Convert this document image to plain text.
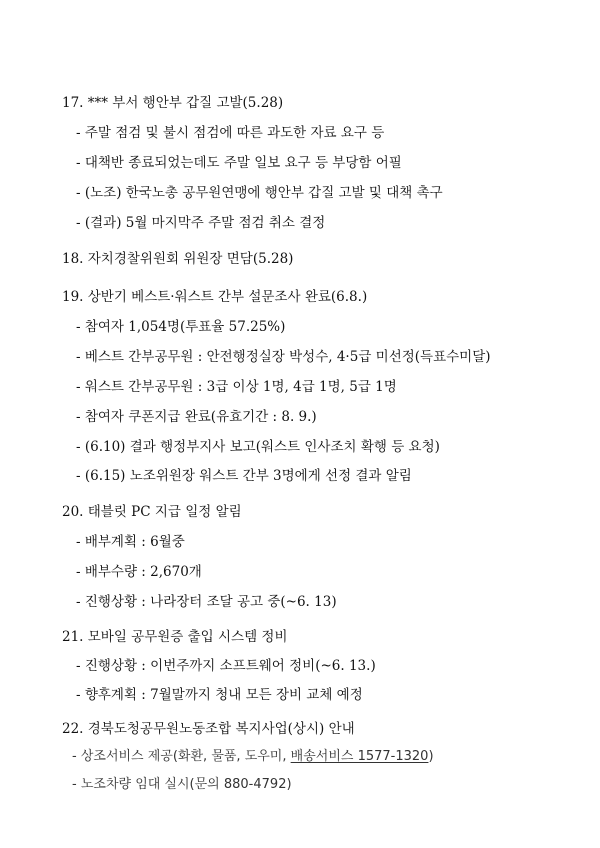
17. *** 부서 행안부 갑질 고발(5.28)
- 주말 점검 및 불시 점검에 따른 과도한 자료 요구 등
- 대책반 종료되었는데도 주말 일보 요구 등 부당함 어필
- (노조) 한국노총 공무원연맹에 행안부 갑질 고발 및 대책 촉구
- (결과) 5월 마지막주 주말 점검 취소 결정
18. 자치경찰위원회 위원장 면담(5.28)
19. 상반기 베스트·워스트 간부 설문조사 완료(6.8.)
- 참여자 1,054명(투표율 57.25%)
- 베스트 간부공무원 : 안전행정실장 박성수, 4·5급 미선정(득표수미달)
- 워스트 간부공무원 : 3급 이상 1명, 4급 1명, 5급 1명
- 참여자 쿠폰지급 완료(유효기간 : 8. 9.)
- (6.10) 결과 행정부지사 보고(워스트 인사조치 확행 등 요청)
- (6.15) 노조위원장 워스트 간부 3명에게 선정 결과 알림
20. 태블릿 PC 지급 일정 알림
- 배부계획 : 6월중
- 배부수량 : 2,670개
- 진행상황 : 나라장터 조달 공고 중(~6. 13)
21. 모바일 공무원증 출입 시스템 정비
- 진행상황 : 이번주까지 소프트웨어 정비(~6. 13.)
- 향후계획 : 7월말까지 청내 모든 장비 교체 예정
22. 경북도청공무원노동조합 복지사업(상시) 안내
- 상조서비스 제공(화환, 물품, 도우미, 배송서비스 1577-1320)
- 노조차량 임대 실시(문의 880-4792)
